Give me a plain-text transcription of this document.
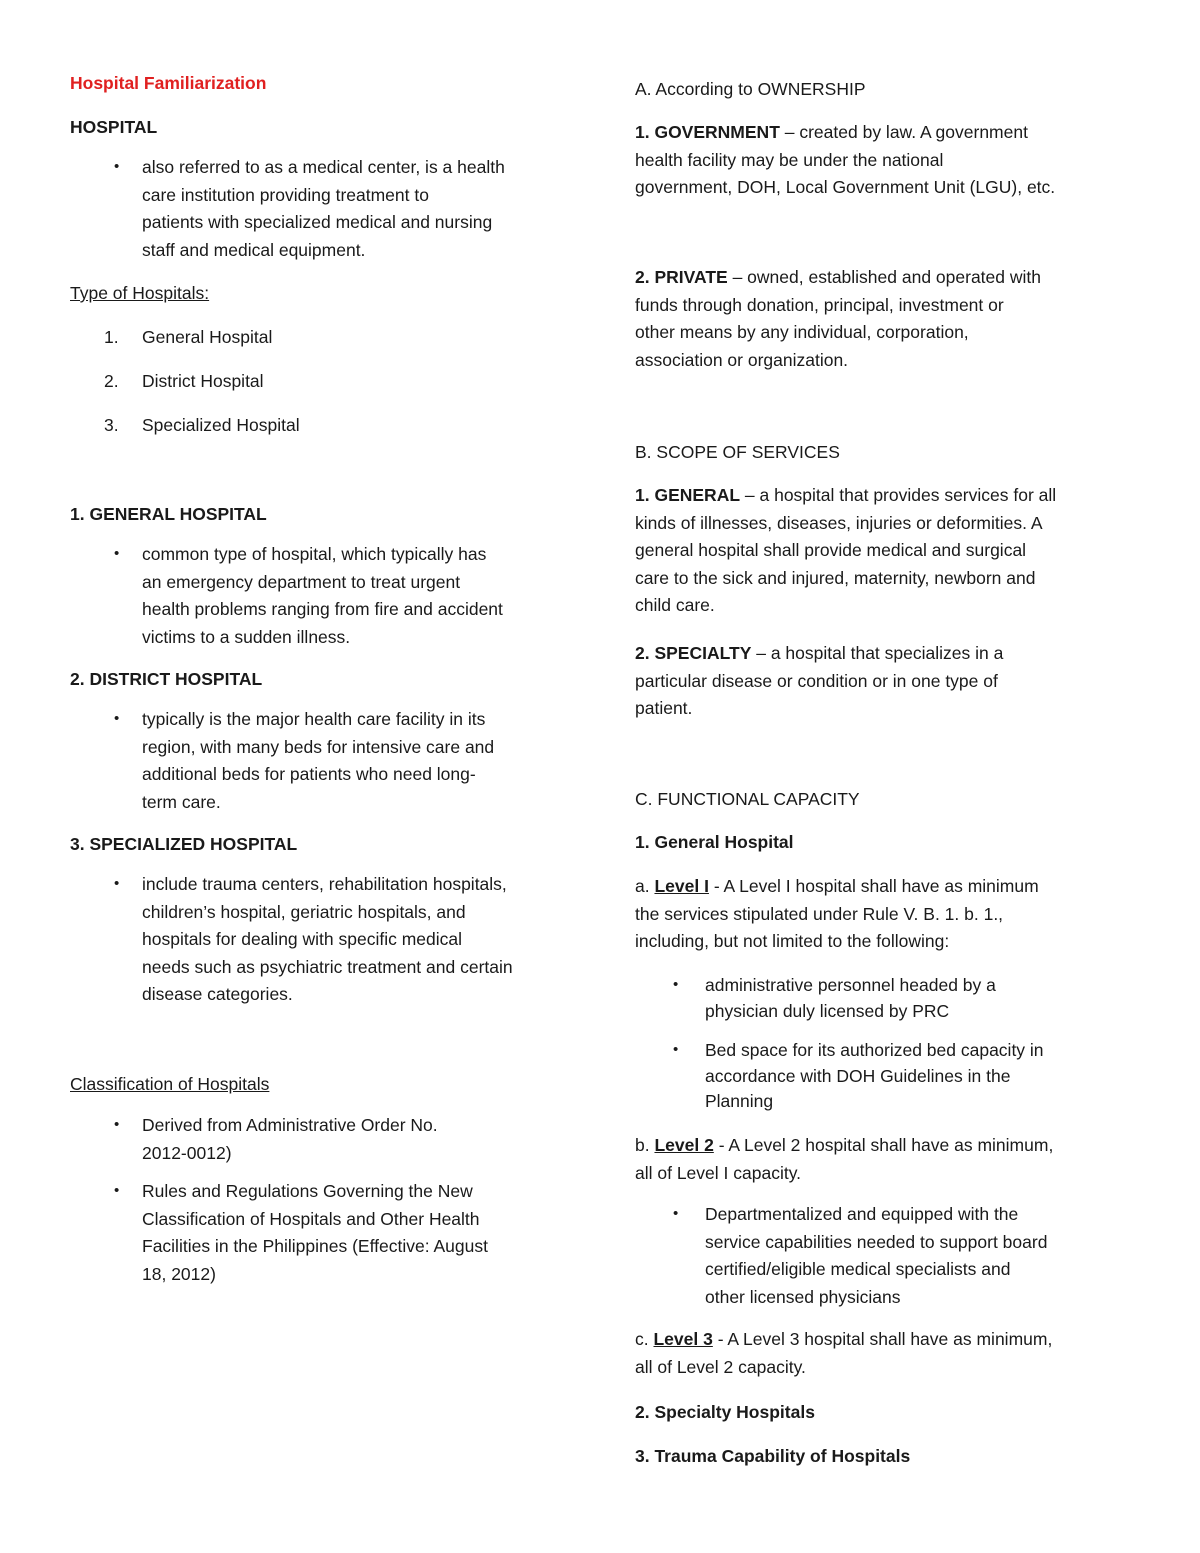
Hospital Familiarization
HOSPITAL
• also referred to as a medical center, is a health
care institution providing treatment to
patients with specialized medical and nursing
staff and medical equipment.
Type of Hospitals:
1. General Hospital
2. District Hospital
3. Specialized Hospital
1. GENERAL HOSPITAL
• common type of hospital, which typically has
an emergency department to treat urgent
health problems ranging from fire and accident
victims to a sudden illness.
2. DISTRICT HOSPITAL
• typically is the major health care facility in its
region, with many beds for intensive care and
additional beds for patients who need long-
term care.
3. SPECIALIZED HOSPITAL
• include trauma centers, rehabilitation hospitals,
children’s hospital, geriatric hospitals, and
hospitals for dealing with specific medical
needs such as psychiatric treatment and certain
disease categories.
Classification of Hospitals
• Derived from Administrative Order No.
2012-0012)
• Rules and Regulations Governing the New
Classification of Hospitals and Other Health
Facilities in the Philippines (Effective: August
18, 2012)
A. According to OWNERSHIP
1. GOVERNMENT – created by law. A government
health facility may be under the national
government, DOH, Local Government Unit (LGU), etc.
2. PRIVATE – owned, established and operated with
funds through donation, principal, investment or
other means by any individual, corporation,
association or organization.
B. SCOPE OF SERVICES
1. GENERAL – a hospital that provides services for all
kinds of illnesses, diseases, injuries or deformities. A
general hospital shall provide medical and surgical
care to the sick and injured, maternity, newborn and
child care.
2. SPECIALTY – a hospital that specializes in a
particular disease or condition or in one type of
patient.
C. FUNCTIONAL CAPACITY
1. General Hospital
a. Level I - A Level I hospital shall have as minimum
the services stipulated under Rule V. B. 1. b. 1.,
including, but not limited to the following:
• administrative personnel headed by a
physician duly licensed by PRC
• Bed space for its authorized bed capacity in
accordance with DOH Guidelines in the
Planning
b. Level 2 - A Level 2 hospital shall have as minimum,
all of Level I capacity.
• Departmentalized and equipped with the
service capabilities needed to support board
certified/eligible medical specialists and
other licensed physicians
c. Level 3 - A Level 3 hospital shall have as minimum,
all of Level 2 capacity.
2. Specialty Hospitals
3. Trauma Capability of Hospitals
